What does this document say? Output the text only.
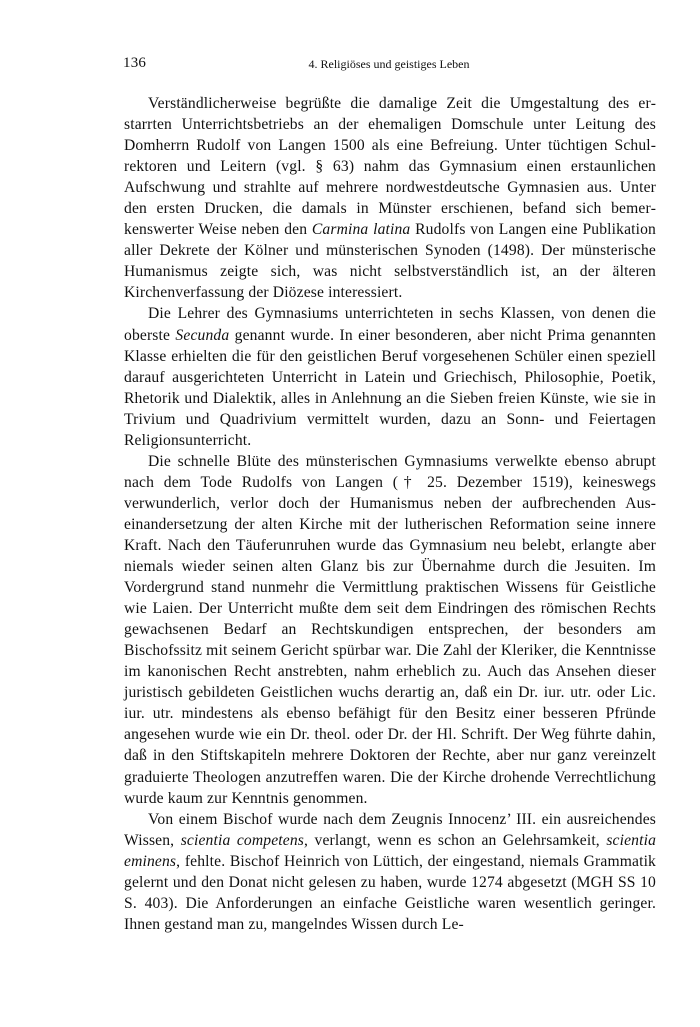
136	4. Religiöses und geistiges Leben

Verständlicherweise begrüßte die damalige Zeit die Umgestaltung des erstarrten Unterrichtsbetriebs an der ehemaligen Domschule unter Leitung des Domherrn Rudolf von Langen 1500 als eine Befreiung. Unter tüchtigen Schulrektoren und Leitern (vgl. § 63) nahm das Gymnasium einen erstaunlichen Aufschwung und strahlte auf mehrere nordwestdeutsche Gymnasien aus. Unter den ersten Drucken, die damals in Münster erschienen, befand sich bemerkenswerter Weise neben den Carmina latina Rudolfs von Langen eine Publikation aller Dekrete der Kölner und münsterischen Synoden (1498). Der münsterische Humanismus zeigte sich, was nicht selbstverständlich ist, an der älteren Kirchenverfassung der Diözese interessiert.

Die Lehrer des Gymnasiums unterrichteten in sechs Klassen, von denen die oberste Secunda genannt wurde. In einer besonderen, aber nicht Prima genannten Klasse erhielten die für den geistlichen Beruf vorgesehenen Schüler einen speziell darauf ausgerichteten Unterricht in Latein und Griechisch, Philosophie, Poetik, Rhetorik und Dialektik, alles in Anlehnung an die Sieben freien Künste, wie sie in Trivium und Quadrivium vermittelt wurden, dazu an Sonn- und Feiertagen Religionsunterricht.

Die schnelle Blüte des münsterischen Gymnasiums verwelkte ebenso abrupt nach dem Tode Rudolfs von Langen († 25. Dezember 1519), keineswegs verwunderlich, verlor doch der Humanismus neben der aufbrechenden Auseinandersetzung der alten Kirche mit der lutherischen Reformation seine innere Kraft. Nach den Täuferunruhen wurde das Gymnasium neu belebt, erlangte aber niemals wieder seinen alten Glanz bis zur Übernahme durch die Jesuiten. Im Vordergrund stand nunmehr die Vermittlung praktischen Wissens für Geistliche wie Laien. Der Unterricht mußte dem seit dem Eindringen des römischen Rechts gewachsenen Bedarf an Rechtskundigen entsprechen, der besonders am Bischofssitz mit seinem Gericht spürbar war. Die Zahl der Kleriker, die Kenntnisse im kanonischen Recht anstrebten, nahm erheblich zu. Auch das Ansehen dieser juristisch gebildeten Geistlichen wuchs derartig an, daß ein Dr. iur. utr. oder Lic. iur. utr. mindestens als ebenso befähigt für den Besitz einer besseren Pfründe angesehen wurde wie ein Dr. theol. oder Dr. der Hl. Schrift. Der Weg führte dahin, daß in den Stiftskapiteln mehrere Doktoren der Rechte, aber nur ganz vereinzelt graduierte Theologen anzutreffen waren. Die der Kirche drohende Verrechtlichung wurde kaum zur Kenntnis genommen.

Von einem Bischof wurde nach dem Zeugnis Innocenz’ III. ein ausreichendes Wissen, scientia competens, verlangt, wenn es schon an Gelehrsamkeit, scientia eminens, fehlte. Bischof Heinrich von Lüttich, der eingestand, niemals Grammatik gelernt und den Donat nicht gelesen zu haben, wurde 1274 abgesetzt (MGH SS 10 S. 403). Die Anforderungen an einfache Geistliche waren wesentlich geringer. Ihnen gestand man zu, mangelndes Wissen durch Le-
